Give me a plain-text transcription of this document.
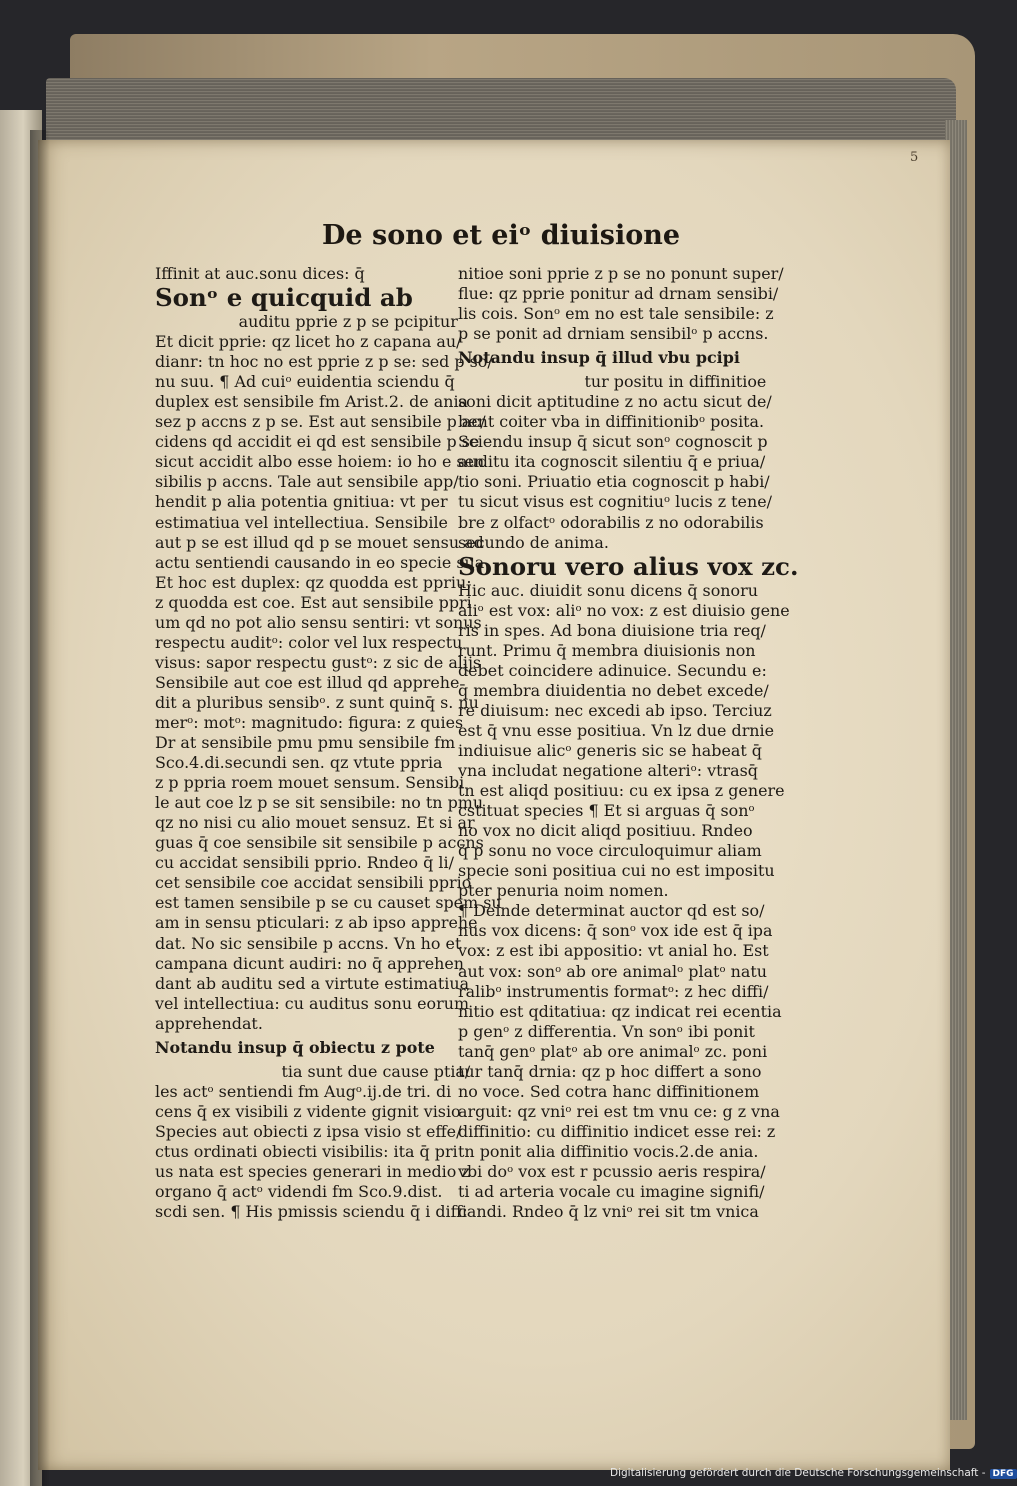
5
De sono et eiᵒ diuisione
Iffinit at auc.sonu dices: q̄
Sonᵒ e quicquid ab
auditu pprie z p se pcipitur
Et dicit pprie: qz licet ho z capana au∕
dianr: tn hoc no est pprie z p se: sed p so∕
nu suu. ¶ Ad cuiᵒ euidentia sciendu q̄
duplex est sensibile fm Arist.2. de ania
sez p accns z p se. Est aut sensibile p ac∕
cidens qd accidit ei qd est sensibile p se
sicut accidit albo esse hoiem: io ho e sen
sibilis p accns. Tale aut sensibile app∕
hendit p alia potentia gnitiua: vt per
estimatiua vel intellectiua. Sensibile
aut p se est illud qd p se mouet sensu ad
actu sentiendi causando in eo specie sua
Et hoc est duplex: qz quodda est ppriu:
z quodda est coe. Est aut sensibile ppri
um qd no pot alio sensu sentiri: vt sonus
respectu auditᵒ: color vel lux respectu
visus: sapor respectu gustᵒ: z sic de alijs
Sensibile aut coe est illud qd apprehe
dit a pluribus sensibᵒ. z sunt quinq̄ s. nu
merᵒ: motᵒ: magnitudo: figura: z quies
Dr at sensibile pmu pmu sensibile fm
Sco.4.di.secundi sen. qz vtute ppria
z p ppria roem mouet sensum. Sensibi
le aut coe lz p se sit sensibile: no tn pmu
qz no nisi cu alio mouet sensuz. Et si ar
guas q̄ coe sensibile sit sensibile p accns
cu accidat sensibili pprio. Rndeo q̄ li∕
cet sensibile coe accidat sensibili pprio
est tamen sensibile p se cu causet spem su
am in sensu pticulari: z ab ipso apprehe
dat. No sic sensibile p accns. Vn ho et
campana dicunt audiri: no q̄ apprehen
dant ab auditu sed a virtute estimatiua
vel intellectiua: cu auditus sonu eorum
apprehendat.
Notandu insup q̄ obiectu z pote
tia sunt due cause ptia∕
les actᵒ sentiendi fm Augᵒ.ij.de tri. di
cens q̄ ex visibili z vidente gignit visio
Species aut obiecti z ipsa visio st effe∕
ctus ordinati obiecti visibilis: ita q̄ pri
us nata est species generari in medio z
organo q̄ actᵒ videndi fm Sco.9.dist.
scdi sen. ¶ His pmissis sciendu q̄ i diffi
nitioe soni pprie z p se no ponunt super∕
flue: qz pprie ponitur ad drnam sensibi∕
lis cois. Sonᵒ em no est tale sensibile: z
p se ponit ad drniam sensibilᵒ p accns.
Notandu insup q̄ illud vbu pcipi
tur positu in diffinitioe
soni dicit aptitudine z no actu sicut de∕
bent coiter vba in diffinitionibᵒ posita.
Sciendu insup q̄ sicut sonᵒ cognoscit p
auditu ita cognoscit silentiu q̄ e priua∕
tio soni. Priuatio etia cognoscit p habi∕
tu sicut visus est cognitiuᵒ lucis z tene∕
bre z olfactᵒ odorabilis z no odorabilis
secundo de anima.
Sonoru vero alius vox zc.
Hic auc. diuidit sonu dicens q̄ sonoru
aliᵒ est vox: aliᵒ no vox: z est diuisio gene
ris in spes. Ad bona diuisione tria req∕
runt. Primu q̄ membra diuisionis non
debet coincidere adinuice. Secundu e:
q̄ membra diuidentia no debet excede∕
re diuisum: nec excedi ab ipso. Terciuz
est q̄ vnu esse positiua. Vn lz due drnie
indiuisue alicᵒ generis sic se habeat q̄
vna includat negatione alteriᵒ: vtrasq̄
tn est aliqd positiuu: cu ex ipsa z genere
cstituat species ¶ Et si arguas q̄ sonᵒ
no vox no dicit aliqd positiuu. Rndeo
q̄ p sonu no voce circuloquimur aliam
specie soni positiua cui no est impositu
pter penuria noim nomen.
¶ Deinde determinat auctor qd est so∕
nus vox dicens: q̄ sonᵒ vox ide est q̄ ipa
vox: z est ibi appositio: vt anial ho. Est
aut vox: sonᵒ ab ore animalᵒ platᵒ natu
ralibᵒ instrumentis formatᵒ: z hec diffi∕
nitio est qditatiua: qz indicat rei ecentia
p genᵒ z differentia. Vn sonᵒ ibi ponit
tanq̄ genᵒ platᵒ ab ore animalᵒ zc. poni
tur tanq̄ drnia: qz p hoc differt a sono
no voce. Sed cotra hanc diffinitionem
arguit: qz vniᵒ rei est tm vnu ce: g z vna
diffinitio: cu diffinitio indicet esse rei: z
tn ponit alia diffinitio vocis.2.de ania.
vbi doᵒ vox est r pcussio aeris respira∕
ti ad arteria vocale cu imagine signifi∕
candi. Rndeo q̄ lz vniᵒ rei sit tm vnica
Digitalisierung gefördert durch die Deutsche Forschungsgemeinschaft - DFG
